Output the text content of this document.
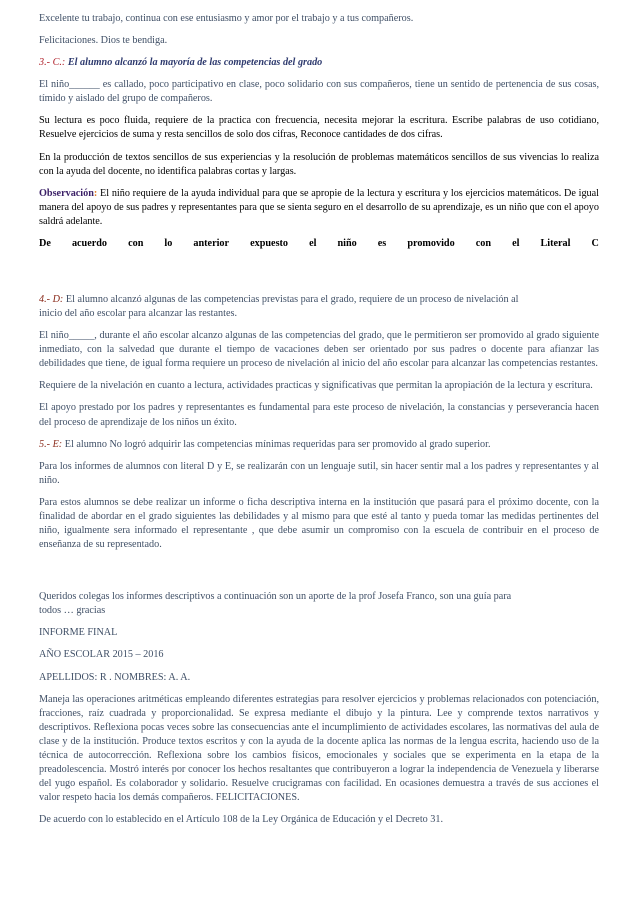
Excelente tu trabajo, continua con ese entusiasmo y amor por el trabajo y a tus compañeros.

Felicitaciones. Dios te bendiga.

3.- C.: El alumno alcanzó la mayoría de las competencias del grado

El niño______ es callado, poco participativo en clase, poco solidario con sus compañeros, tiene un sentido de pertenencia de sus cosas, tímido y aislado del grupo de compañeros.

Su lectura es poco fluida, requiere de la practica con frecuencia, necesita mejorar la escritura. Escribe palabras de uso cotidiano, Resuelve ejercicios de suma y resta sencillos de solo dos cifras, Reconoce cantidades de dos cifras.

En la producción de textos sencillos de sus experiencias y la resolución de problemas matemáticos sencillos de sus vivencias lo realiza con la ayuda del docente, no identifica palabras cortas y largas.

Observación: El niño requiere de la ayuda individual para que se apropie de la lectura y escritura y los ejercicios matemáticos. De igual manera del apoyo de sus padres y representantes para que se sienta seguro en el desarrollo de su aprendizaje, es un niño que con el apoyo saldrá adelante.

De acuerdo con lo anterior expuesto el niño es promovido con el Literal C

4.- D: El alumno alcanzó algunas de las competencias previstas para el grado, requiere de un proceso de nivelación al

inicio del año escolar para alcanzar las restantes.

El niño_____, durante el año escolar alcanzo algunas de las competencias del grado, que le permitieron ser promovido al grado siguiente inmediato, con la salvedad que durante el tiempo de vacaciones deben ser orientado por sus padres o docente para afianzar las debilidades que tiene, de igual forma requiere un proceso de nivelación al inicio del año escolar para alcanzar las competencias restantes.

Requiere de la nivelación en cuanto a lectura, actividades practicas y significativas que permitan la apropiación de la lectura y escritura.

El apoyo prestado por los padres y representantes es fundamental para este proceso de nivelación, la constancias y perseverancia hacen del proceso de aprendizaje de los niños un éxito.

5.- E: El alumno No logró adquirir las competencias mínimas requeridas para ser promovido al grado superior.

Para los informes de alumnos con literal D y E, se realizarán con un lenguaje sutil, sin hacer sentir mal a los padres y representantes y al niño.

Para estos alumnos se debe realizar un informe o ficha descriptiva interna en la institución que pasará para el próximo docente, con la finalidad de abordar en el grado siguientes las debilidades y al mismo para que esté al tanto y pueda tomar las medidas pertinentes del niño, igualmente sera informado el representante , que debe asumir un compromiso con la escuela de contribuir en el proceso de enseñanza de su representado.

Queridos colegas los informes descriptivos a continuación son un aporte de la prof Josefa Franco, son una guía para

todos … gracias

INFORME FINAL

AÑO ESCOLAR 2015 – 2016

APELLIDOS: R . NOMBRES: A. A.

Maneja las operaciones aritméticas empleando diferentes estrategias para resolver ejercicios y problemas relacionados con potenciación, fracciones, raíz cuadrada y proporcionalidad. Se expresa mediante el dibujo y la pintura. Lee y comprende textos narrativos y descriptivos. Reflexiona pocas veces sobre las consecuencias ante el incumplimiento de actividades escolares, las normativas del aula de clase y de la institución. Produce textos escritos y con la ayuda de la docente aplica las normas de la lengua escrita, haciendo uso de la técnica de autocorrección. Reflexiona sobre los cambios físicos, emocionales y sociales que se experimenta en la etapa de la preadolescencia. Mostró interés por conocer los hechos resaltantes que contribuyeron a lograr la independencia de Venezuela y liberarse del yugo español. Es colaborador y solidario. Resuelve crucigramas con facilidad. En ocasiones demuestra a través de sus acciones el valor respeto hacia los demás compañeros. FELICITACIONES.

De acuerdo con lo establecido en el Artículo 108 de la Ley Orgánica de Educación y el Decreto 31.
